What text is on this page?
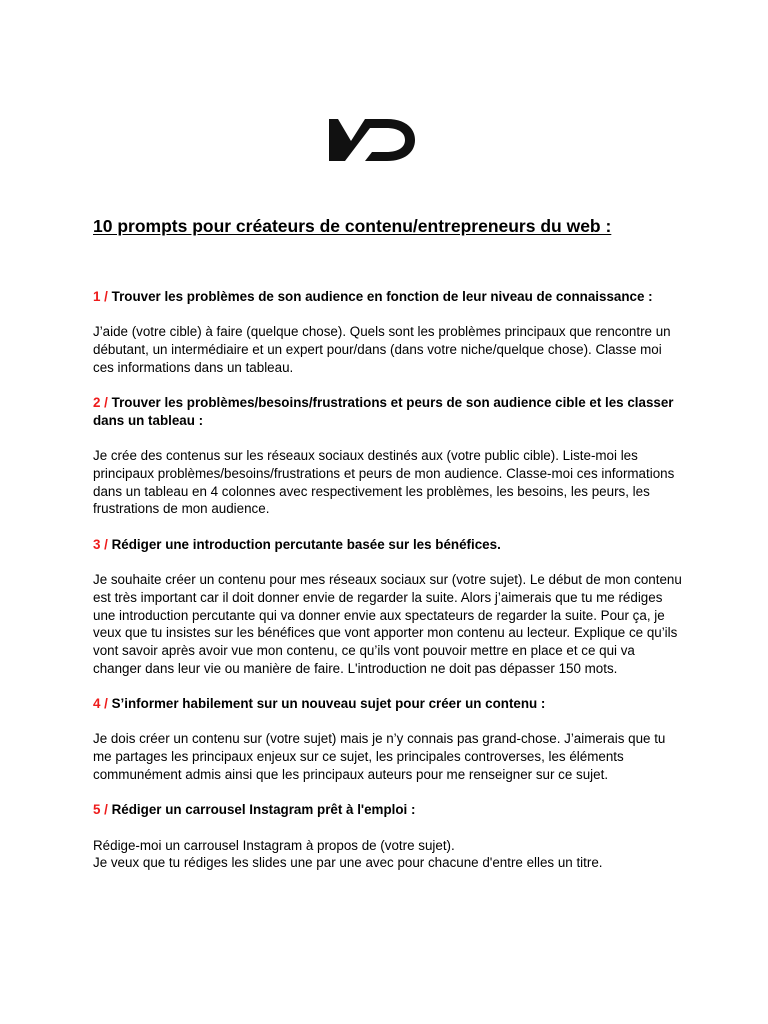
10 prompts pour créateurs de contenu/entrepreneurs du web :

1 / Trouver les problèmes de son audience en fonction de leur niveau de connaissance :

J’aide (votre cible) à faire (quelque chose). Quels sont les problèmes principaux que rencontre un débutant, un intermédiaire et un expert pour/dans (dans votre niche/quelque chose). Classe moi ces informations dans un tableau.

2 / Trouver les problèmes/besoins/frustrations et peurs de son audience cible et les classer dans un tableau :

Je crée des contenus sur les réseaux sociaux destinés aux (votre public cible). Liste-moi les principaux problèmes/besoins/frustrations et peurs de mon audience. Classe-moi ces informations dans un tableau en 4 colonnes avec respectivement les problèmes, les besoins, les peurs, les frustrations de mon audience.

3 / Rédiger une introduction percutante basée sur les bénéfices.

Je souhaite créer un contenu pour mes réseaux sociaux sur (votre sujet). Le début de mon contenu est très important car il doit donner envie de regarder la suite. Alors j’aimerais que tu me rédiges une introduction percutante qui va donner envie aux spectateurs de regarder la suite. Pour ça, je veux que tu insistes sur les bénéfices que vont apporter mon contenu au lecteur. Explique ce qu’ils vont savoir après avoir vue mon contenu, ce qu’ils vont pouvoir mettre en place et ce qui va changer dans leur vie ou manière de faire. L'introduction ne doit pas dépasser 150 mots.

4 / S’informer habilement sur un nouveau sujet pour créer un contenu :

Je dois créer un contenu sur (votre sujet) mais je n’y connais pas grand-chose. J’aimerais que tu me partages les principaux enjeux sur ce sujet, les principales controverses, les éléments communément admis ainsi que les principaux auteurs pour me renseigner sur ce sujet.

5 / Rédiger un carrousel Instagram prêt à l'emploi :

Rédige-moi un carrousel Instagram à propos de (votre sujet).

Je veux que tu rédiges les slides une par une avec pour chacune d'entre elles un titre.
